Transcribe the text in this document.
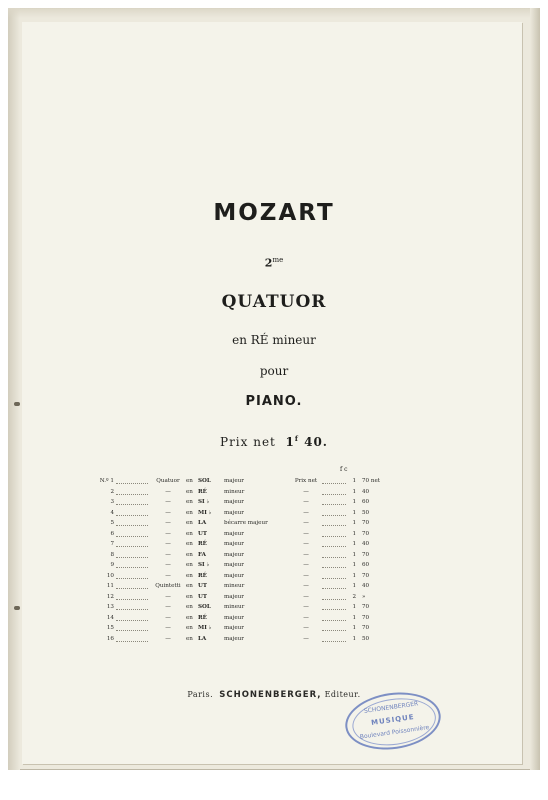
MOZART
$2^{me}$
QUATUOR
en RÉ mineur
pour
PIANO.
Prix net 1$^f$ 40.
f c
N.º 1	Quatuor	en SOL	majeur	Prix net	1 70 net
2	—	en RÉ	mineur	—	1 40
3	—	en SI ♭	majeur	—	1 60
4	—	en MI ♭	majeur	—	1 50
5	—	en LA	bécarre majeur	—	1 70
6	—	en UT	majeur	—	1 70
7	—	en RÉ	majeur	—	1 40
8	—	en FA	majeur	—	1 70
9	—	en SI ♭	majeur	—	1 60
10	—	en RÉ	majeur	—	1 70
11	Quintetti en UT	mineur	—	1 40
12	—	en UT	majeur	—	2 »
13	—	en SOL	mineur	—	1 70
14	—	en RÉ	majeur	—	1 70
15	—	en MI ♭	majeur	—	1 70
16	—	en LA	majeur	—	1 50
Paris. SCHONENBERGER, Editeur.
SCHONENBERGER
MUSIQUE
Boulevard Poissonnière
